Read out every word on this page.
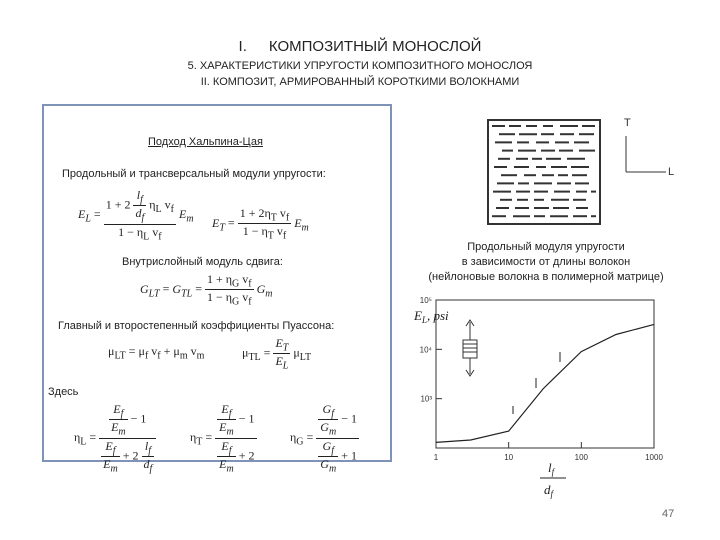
I. КОМПОЗИТНЫЙ МОНОСЛОЙ
5. ХАРАКТЕРИСТИКИ УПРУГОСТИ КОМПОЗИТНОГО МОНОСЛОЯ
II. КОМПОЗИТ, АРМИРОВАННЫЙ КОРОТКИМИ ВОЛОКНАМИ
Подход Хальпина-Цая
Продольный и трансверсальный модули упругости:
$E_L = \frac{1 + 2 \frac{l_f}{d_f} \eta_L v_f}{1 - \eta_L v_f} E_m$ $E_T = \frac{1 + 2\eta_T v_f}{1 - \eta_T v_f} E_m$
Внутрислойный модуль сдвига:
$G_{LT} = G_{TL} = \frac{1 + \eta_G v_f}{1 - \eta_G v_f} G_m$
Главный и второстепенный коэффициенты Пуассона:
$\mu_{LT} = \mu_f$ $v_f + \mu_m$ $v_m$	$\mu_{TL} = \frac{E_T}{E_L} \mu_{LT}$
Здесь
$\eta_L = \frac{\frac{E_f}{E_m} - 1}{\frac{E_f}{E_m} + 2 \frac{l_f}{d_f}}$	$\eta_T = \frac{\frac{E_f}{E_m} - 1}{\frac{E_f}{E_m} + 2}$	$\eta_G = \frac{\frac{G_f}{G_m} - 1}{\frac{G_f}{G_m} + 1}$
T
L
Продольный модуля упругости
в зависимости от длины волокон
(нейлоновые волокна в полимерной матрице)
10⁵
10⁴
10³
1	10	100	1000
$E_L$, psi
$l_f$
$d_f$
47
